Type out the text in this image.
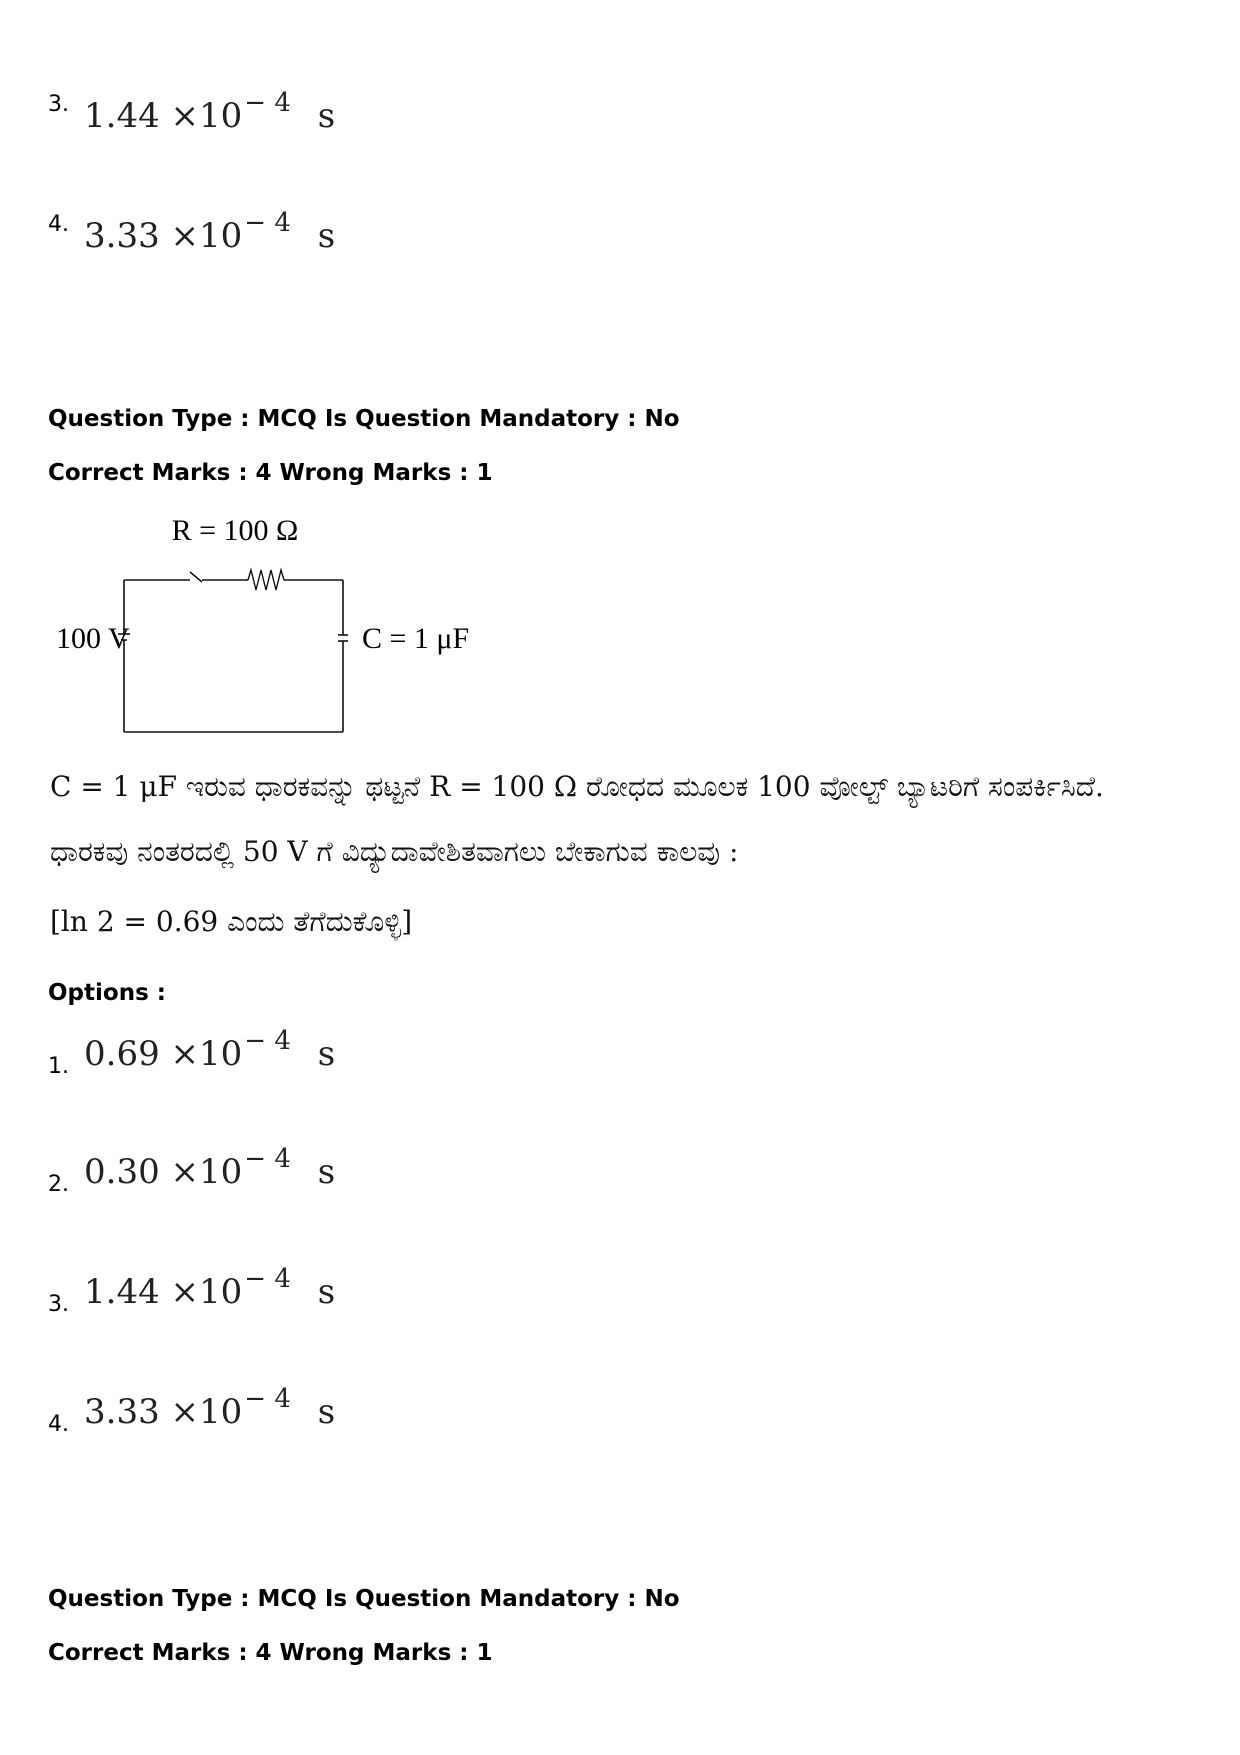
3. $1.44 \times 10^{- 4}$ s
4. $3.33 \times 10^{- 4}$ s
Question Type : MCQ Is Question Mandatory : No
Correct Marks : 4 Wrong Marks : 1
R = 100 Ω
100 V	C = 1 μF
C = 1 μF ಇರುವ ಧಾರಕವನ್ನು ಥಟ್ಟನೆ R = 100 Ω ರೋಧದ ಮೂಲಕ 100 ವೋಲ್ಟ್ ಬ್ಯಾಟರಿಗೆ ಸಂಪರ್ಕಿಸಿದೆ.
ಧಾರಕವು ನಂತರದಲ್ಲಿ 50 V ಗೆ ವಿದ್ಯುದಾವೇಶಿತವಾಗಲು ಬೇಕಾಗುವ ಕಾಲವು :
[ln 2 = 0.69 ಎಂದು ತೆಗೆದುಕೊಳ್ಳಿ]
Options :
1. $0.69 \times 10^{- 4}$ s
2. $0.30 \times 10^{- 4}$ s
3. $1.44 \times 10^{- 4}$ s
4. $3.33 \times 10^{- 4}$ s
Question Type : MCQ Is Question Mandatory : No
Correct Marks : 4 Wrong Marks : 1
